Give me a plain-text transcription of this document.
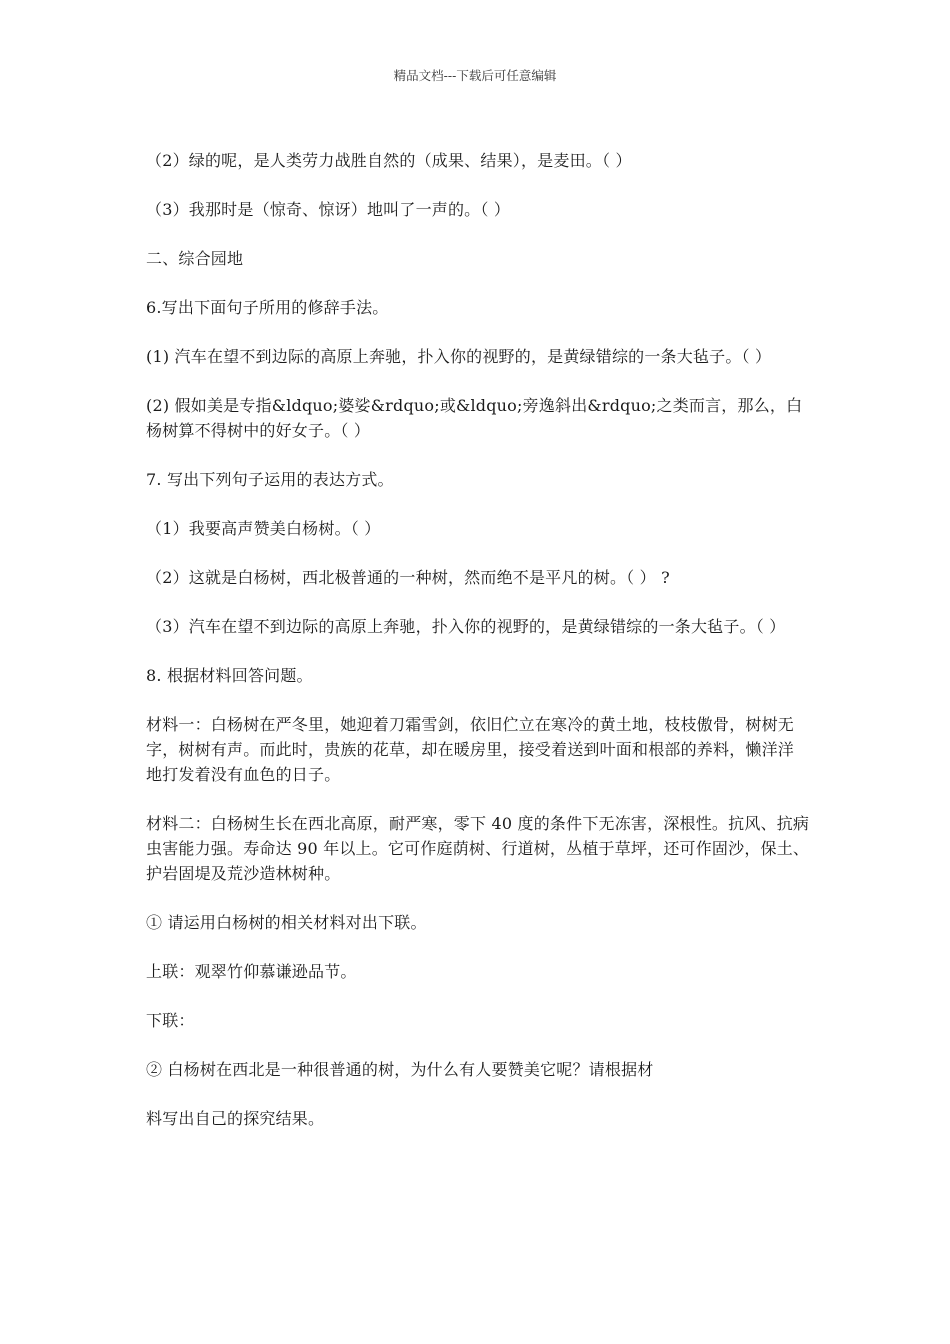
精品文档---下载后可任意编辑

（2）绿的呢，是人类劳力战胜自然的（成果、结果），是麦田。（ ）

（3）我那时是（惊奇、惊讶）地叫了一声的。（ ）

二、综合园地

6.写出下面句子所用的修辞手法。

(1) 汽车在望不到边际的高原上奔驰，扑入你的视野的，是黄绿错综的一条大毡子。（ ）

(2) 假如美是专指&ldquo;婆娑&rdquo;或&ldquo;旁逸斜出&rdquo;之类而言，那么，白杨树算不得树中的好女子。（ ）

7. 写出下列句子运用的表达方式。

（1）我要高声赞美白杨树。（ ）

（2）这就是白杨树，西北极普通的一种树，然而绝不是平凡的树。（ ） ?

（3）汽车在望不到边际的高原上奔驰，扑入你的视野的，是黄绿错综的一条大毡子。（ ）

8. 根据材料回答问题。

材料一：白杨树在严冬里，她迎着刀霜雪剑，依旧伫立在寒冷的黄土地，枝枝傲骨，树树无字，树树有声。而此时，贵族的花草，却在暖房里，接受着送到叶面和根部的养料，懒洋洋地打发着没有血色的日子。

材料二：白杨树生长在西北高原，耐严寒，零下 40 度的条件下无冻害，深根性。抗风、抗病虫害能力强。寿命达 90 年以上。它可作庭荫树、行道树，丛植于草坪，还可作固沙，保土、护岩固堤及荒沙造林树种。

① 请运用白杨树的相关材料对出下联。

上联：观翠竹仰慕谦逊品节。

下联：

② 白杨树在西北是一种很普通的树，为什么有人要赞美它呢？请根据材

料写出自己的探究结果。
